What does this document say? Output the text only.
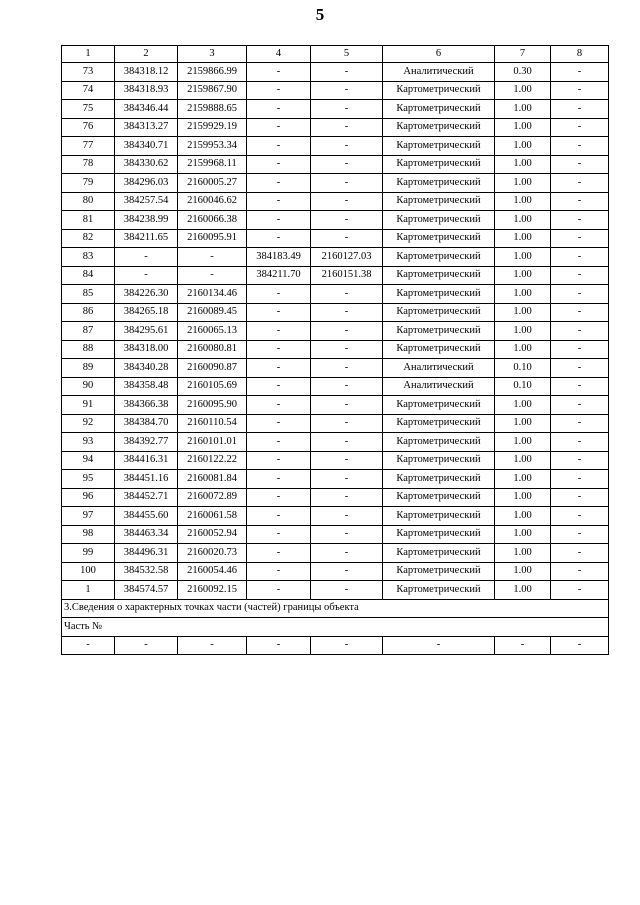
5
1	2	3	4	5	6	7	8
73	384318.12	2159866.99	-	-	Аналитический	0.30	-
74	384318.93	2159867.90	-	-	Картометрический	1.00	-
75	384346.44	2159888.65	-	-	Картометрический	1.00	-
76	384313.27	2159929.19	-	-	Картометрический	1.00	-
77	384340.71	2159953.34	-	-	Картометрический	1.00	-
78	384330.62	2159968.11	-	-	Картометрический	1.00	-
79	384296.03	2160005.27	-	-	Картометрический	1.00	-
80	384257.54	2160046.62	-	-	Картометрический	1.00	-
81	384238.99	2160066.38	-	-	Картометрический	1.00	-
82	384211.65	2160095.91	-	-	Картометрический	1.00	-
83	-	-	384183.49	2160127.03	Картометрический	1.00	-
84	-	-	384211.70	2160151.38	Картометрический	1.00	-
85	384226.30	2160134.46	-	-	Картометрический	1.00	-
86	384265.18	2160089.45	-	-	Картометрический	1.00	-
87	384295.61	2160065.13	-	-	Картометрический	1.00	-
88	384318.00	2160080.81	-	-	Картометрический	1.00	-
89	384340.28	2160090.87	-	-	Аналитический	0.10	-
90	384358.48	2160105.69	-	-	Аналитический	0.10	-
91	384366.38	2160095.90	-	-	Картометрический	1.00	-
92	384384.70	2160110.54	-	-	Картометрический	1.00	-
93	384392.77	2160101.01	-	-	Картометрический	1.00	-
94	384416.31	2160122.22	-	-	Картометрический	1.00	-
95	384451.16	2160081.84	-	-	Картометрический	1.00	-
96	384452.71	2160072.89	-	-	Картометрический	1.00	-
97	384455.60	2160061.58	-	-	Картометрический	1.00	-
98	384463.34	2160052.94	-	-	Картометрический	1.00	-
99	384496.31	2160020.73	-	-	Картометрический	1.00	-
100	384532.58	2160054.46	-	-	Картометрический	1.00	-
1	384574.57	2160092.15	-	-	Картометрический	1.00	-
3.Сведения о характерных точках части (частей) границы объекта							
Часть №							
-	-	-	-	-	-	-	-
